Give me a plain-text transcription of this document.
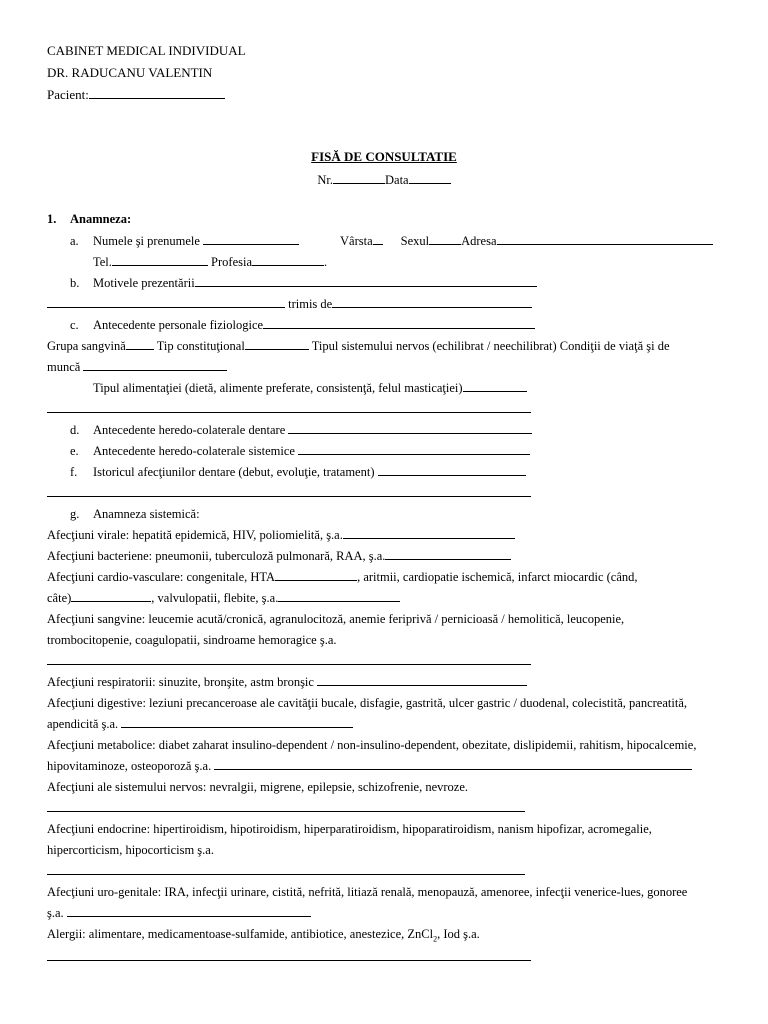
CABINET MEDICAL INDIVIDUAL
DR. RADUCANU VALENTIN
Pacient:
FISĂ DE CONSULTATIE
Nr.	Data
1. Anamneza:
a. Numele şi prenumele	Vârsta Sexul	Adresa
Tel.	Profesia	.
b. Motivele prezentării
trimis de
c. Antecedente personale fiziologice
Grupa sangvină Tip constituţional	Tipul sistemului nervos (echilibrat / neechilibrat) Condiţii de viaţă şi de
muncă
Tipul alimentaţiei (dietă, alimente preferate, consistenţă, felul masticaţiei)
d. Antecedente heredo-colaterale dentare
e. Antecedente heredo-colaterale sistemice
f. Istoricul afecţiunilor dentare (debut, evoluţie, tratament)
g. Anamneza sistemică:
Afecţiuni virale: hepatită epidemică, HIV, poliomielită, ş.a.
Afecţiuni bacteriene: pneumonii, tuberculoză pulmonară, RAA, ş.a.
Afecţiuni cardio-vasculare: congenitale, HTA	, aritmii, cardiopatie ischemică, infarct miocardic (când,
câte)	, valvulopatii, flebite, ş.a.
Afecţiuni sangvine: leucemie acută/cronică, agranulocitoză, anemie ferіprivă / pernicioasă / hemolitică, leucopenie,
trombocitopenie, coagulopatii, sindroame hemoragice ş.a.
Afecţiuni respiratorii: sinuzite, bronşite, astm bronşic
Afecţiuni digestive: leziuni precanceroase ale cavităţii bucale, disfagie, gastrită, ulcer gastric / duodenal, colecistită, pancreatită,
apendicită ş.a.
Afecţiuni metabolice: diabet zaharat insulino-dependent / non-insulino-dependent, obezitate, dislipidemii, rahitism, hipocalcemie,
hipovitaminoze, osteoporoză ş.a.
Afecţiuni ale sistemului nervos: nevralgii, migrene, epilepsie, schizofrenie, nevroze.
Afecţiuni endocrine: hipertiroidism, hipotiroidism, hiperparatiroidism, hipoparatiroidism, nanism hipofizar, acromegalie,
hipercorticism, hipocorticism ş.a.
Afecţiuni uro-genitale: IRA, infecţii urinare, cistită, nefrită, litiază renală, menopauză, amenoree, infecţii venerice-lues, gonoree
ş.a.
Alergii: alimentare, medicamentoase-sulfamide, antibiotice, anestezice, ZnCl$_2$, Iod ş.a.
